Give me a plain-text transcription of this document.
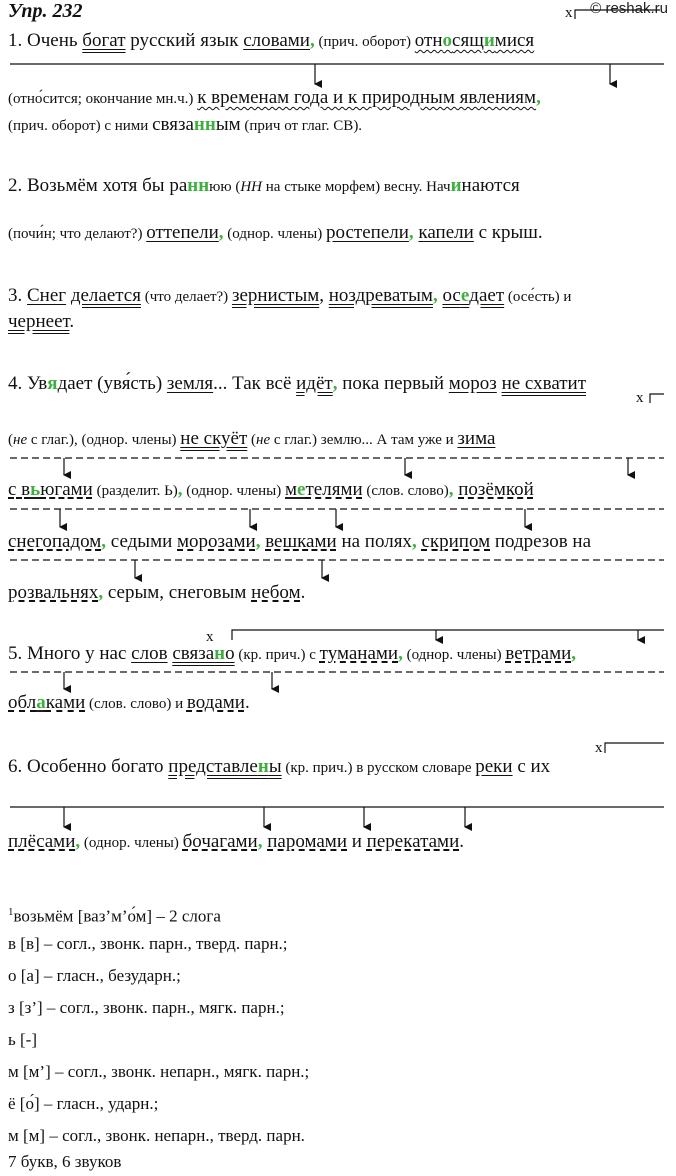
Упр. 232	© reshak.ru
1. Очень богат русский язык словами, (прич. оборот) относящимися
(отно́сится; окончание мн.ч.) к временам года и к природным явлениям,
(прич. оборот) с ними связанным (прич от глаг. СВ).
2. Возьмём хотя бы раннюю (НН на стыке морфем) весну. Начинаются
(почи́н; что делают?) оттепели, (однор. члены) ростепели, капели с крыш.
3. Снег делается (что делает?) зернистым, ноздреватым, оседает (осе́сть) и
чернеет.
4. Увядает (увя́сть) земля... Так всё идёт, пока первый мороз не схватит
(не с глаг.), (однор. члены) не скуёт (не с глаг.) землю... А там уже и зима
с вьюгами (разделит. Ь), (однор. члены) метелями (слов. слово), позёмкой
снегопадом, седыми морозами, вешками на полях, скрипом подрезов на
розвальнях, серым, снеговым небом.
5. Много у нас слов связано (кр. прич.) с туманами, (однор. члены) ветрами,
облаками (слов. слово) и водами.
6. Особенно богато представлены (кр. прич.) в русском словаре реки с их
плёсами, (однор. члены) бочагами, паромами и перекатами.
$^1$возьмём [ваз’м’о́м] – 2 слога
в [в] – согл., звонк. парн., тверд. парн.;
о [а] – гласн., безударн.;
з [з’] – согл., звонк. парн., мягк. парн.;
ь [-]
м [м’] – согл., звонк. непарн., мягк. парн.;
ё [о́] – гласн., ударн.;
м [м] – согл., звонк. непарн., тверд. парн.
7 букв, 6 звуков
x
x
x
x
